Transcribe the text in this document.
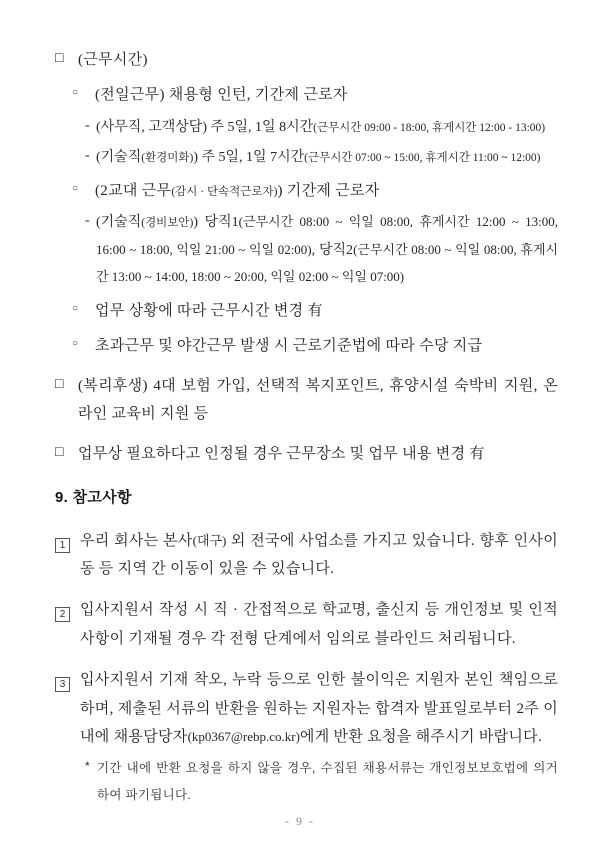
□ (근무시간)
○	(전일근무) 채용형 인턴, 기간제 근로자
- (사무직, 고객상담) 주 5일, 1일 8시간(근무시간 09:00 - 18:00, 휴게시간 12:00 - 13:00)
- (기술직(환경미화)) 주 5일, 1일 7시간(근무시간 07:00 ~ 15:00, 휴게시간 11:00 ~ 12:00)
○	(2교대 근무(감시 · 단속적근로자)) 기간제 근로자
- (기술직(경비보안)) 당직1(근무시간 08:00 ~ 익일 08:00, 휴게시간 12:00 ~ 13:00, 16:00 ~ 18:00, 익일 21:00 ~ 익일 02:00), 당직2(근무시간 08:00 ~ 익일 08:00, 휴게시간 13:00 ~ 14:00, 18:00 ~ 20:00, 익일 02:00 ~ 익일 07:00)
○	업무 상황에 따라 근무시간 변경 有
○	초과근무 및 야간근무 발생 시 근로기준법에 따라 수당 지급
□ (복리후생) 4대 보험 가입, 선택적 복지포인트, 휴양시설 숙박비 지원, 온라인 교육비 지원 등
□ 업무상 필요하다고 인정될 경우 근무장소 및 업무 내용 변경 有
9. 참고사항
1 우리 회사는 본사(대구) 외 전국에 사업소를 가지고 있습니다. 향후 인사이동 등 지역 간 이동이 있을 수 있습니다.
2 입사지원서 작성 시 직 · 간접적으로 학교명, 출신지 등 개인정보 및 인적사항이 기재될 경우 각 전형 단계에서 임의로 블라인드 처리됩니다.
3 입사지원서 기재 착오, 누락 등으로 인한 불이익은 지원자 본인 책임으로 하며, 제출된 서류의 반환을 원하는 지원자는 합격자 발표일로부터 2주 이내에 채용담당자(kp0367@rebp.co.kr)에게 반환 요청을 해주시기 바랍니다.
* 기간 내에 반환 요청을 하지 않을 경우, 수집된 채용서류는 개인정보보호법에 의거하여 파기됩니다.
- 9 -
